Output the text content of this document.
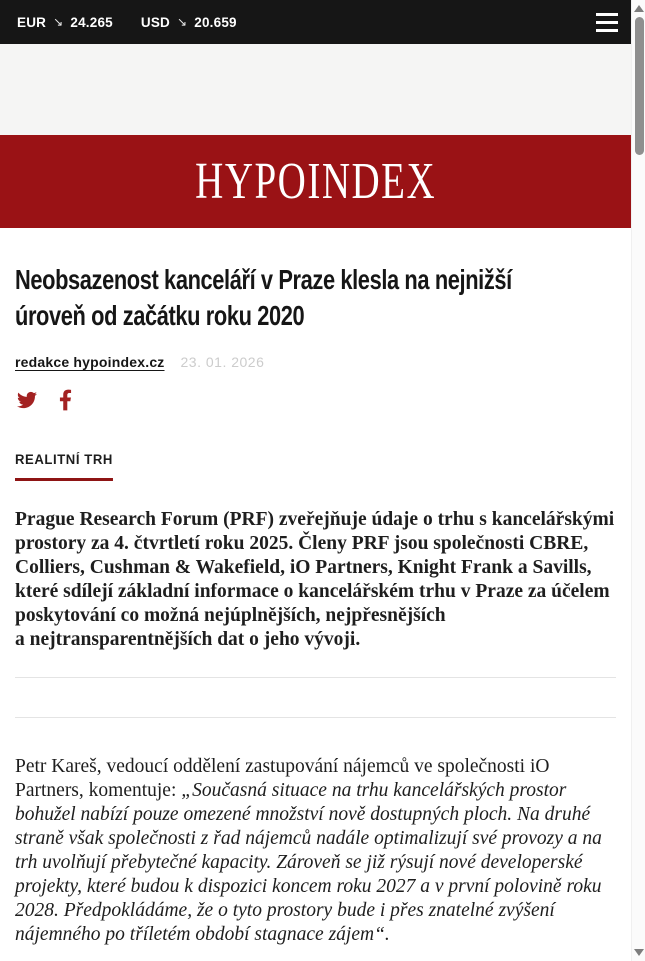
EUR ↘ 24.265 USD ↘ 20.659
HYPOINDEX
Neobsazenost kanceláří v Praze klesla na nejnižší
úroveň od začátku roku 2020
redakce hypoindex.cz 23. 01. 2026
REALITNÍ TRH

Prague Research Forum (PRF) zveřejňuje údaje o trhu s kancelářskými prostory za 4. čtvrtletí roku 2025. Členy PRF jsou společnosti CBRE, Colliers, Cushman & Wakefield, iO Partners, Knight Frank a Savills, které sdílejí základní informace o kancelářském trhu v Praze za účelem poskytování co možná nejúplnějších, nejpřesnějších a nejtransparentnějších dat o jeho vývoji.

Petr Kareš, vedoucí oddělení zastupování nájemců ve společnosti iO Partners, komentuje: „Současná situace na trhu kancelářských prostor bohužel nabízí pouze omezené množství nově dostupných ploch. Na druhé straně však společnosti z řad nájemců nadále optimalizují své provozy a na trh uvolňují přebytečné kapacity. Zároveň se již rýsují nové developerské projekty, které budou k dispozici koncem roku 2027 a v první polovině roku 2028. Předpokládáme, že o tyto prostory bude i přes znatelné zvýšení nájemného po tříletém období stagnace zájem“.
